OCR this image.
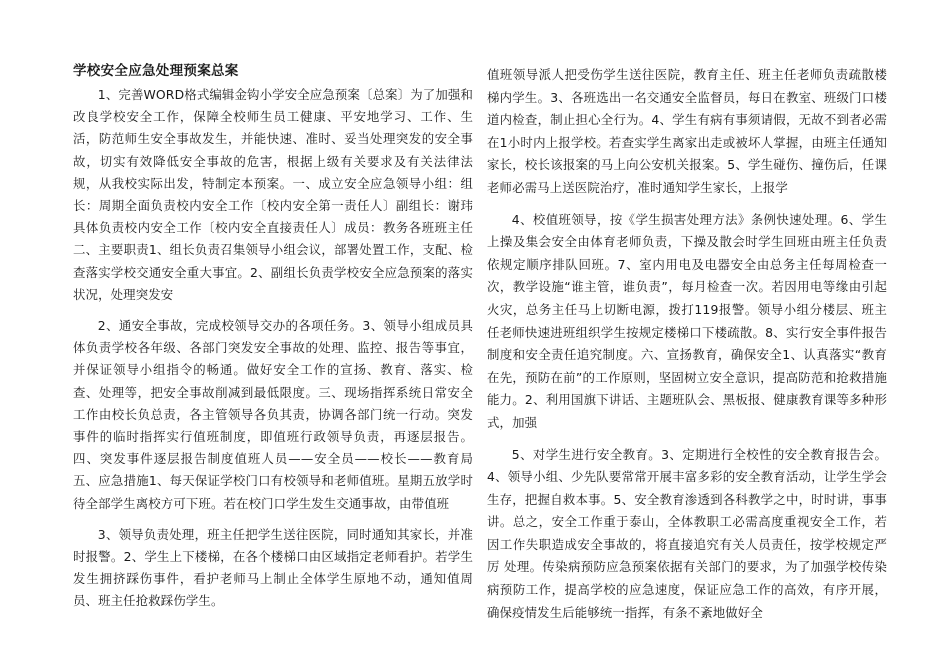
学校安全应急处理预案总案

1、完善WORD格式编辑金钩小学安全应急预案〔总案〕为了加强和改良学校安全工作，保障全校师生员工健康、平安地学习、工作、生活，防范师生安全事故发生，并能快速、准时、妥当处理突发的安全事故，切实有效降低安全事故的危害，根据上级有关要求及有关法律法规，从我校实际出发，特制定本预案。一、成立安全应急领导小组：组长：周期全面负责校内安全工作〔校内安全第一责任人〕副组长：谢玮具体负责校内安全工作〔校内安全直接责任人〕成员：教务各班班主任二、主要职责1、组长负责召集领导小组会议，部署处置工作，支配、检查落实学校交通安全重大事宜。2、副组长负责学校安全应急预案的落实状况，处理突发安

2、通安全事故，完成校领导交办的各项任务。3、领导小组成员具体负责学校各年级、各部门突发安全事故的处理、监控、报告等事宜，并保证领导小组指令的畅通。做好安全工作的宣扬、教育、落实、检查、处理等，把安全事故削减到最低限度。三、现场指挥系统日常安全工作由校长负总责，各主管领导各负其责，协调各部门统一行动。突发事件的临时指挥实行值班制度，即值班行政领导负责，再逐层报告。四、突发事件逐层报告制度值班人员——安全员——校长——教育局五、应急措施1、每天保证学校门口有校领导和老师值班。星期五放学时待全部学生离校方可下班。若在校门口学生发生交通事故，由带值班

3、领导负责处理，班主任把学生送往医院，同时通知其家长，并准时报警。2、学生上下楼梯，在各个楼梯口由区域指定老师看护。若学生发生拥挤踩伤事件，看护老师马上制止全体学生原地不动，通知值周员、班主任抢救踩伤学生。

值班领导派人把受伤学生送往医院，教育主任、班主任老师负责疏散楼梯内学生。3、各班选出一名交通安全监督员，每日在教室、班级门口楼道内检查，制止担心全行为。4、学生有病有事须请假，无故不到者必需在1小时内上报学校。若查实学生离家出走或被坏人掌握，由班主任通知家长，校长该报案的马上向公安机关报案。5、学生碰伤、撞伤后，任课老师必需马上送医院治疗，准时通知学生家长，上报学

4、校值班领导，按《学生损害处理方法》条例快速处理。6、学生上操及集会安全由体育老师负责，下操及散会时学生回班由班主任负责依规定顺序排队回班。7、室内用电及电器安全由总务主任每周检查一次，教学设施“谁主管，谁负责”，每月检查一次。若因用电等缘由引起火灾，总务主任马上切断电源，拨打119报警。领导小组分楼层、班主任老师快速进班组织学生按规定楼梯口下楼疏散。8、实行安全事件报告制度和安全责任追究制度。六、宣扬教育，确保安全1、认真落实“教育在先，预防在前”的工作原则，坚固树立安全意识，提高防范和抢救措施能力。2、利用国旗下讲话、主题班队会、黑板报、健康教育课等多种形式，加强

5、对学生进行安全教育。3、定期进行全校性的安全教育报告会。4、领导小组、少先队要常常开展丰富多彩的安全教育活动，让学生学会生存，把握自救本事。5、安全教育渗透到各科教学之中，时时讲，事事讲。总之，安全工作重于泰山，全体教职工必需高度重视安全工作，若因工作失职造成安全事故的，将直接追究有关人员责任，按学校规定严厉 处理。传染病预防应急预案依据有关部门的要求，为了加强学校传染病预防工作，提高学校的应急速度，保证应急工作的高效，有序开展，确保疫情发生后能够统一指挥，有条不紊地做好全
